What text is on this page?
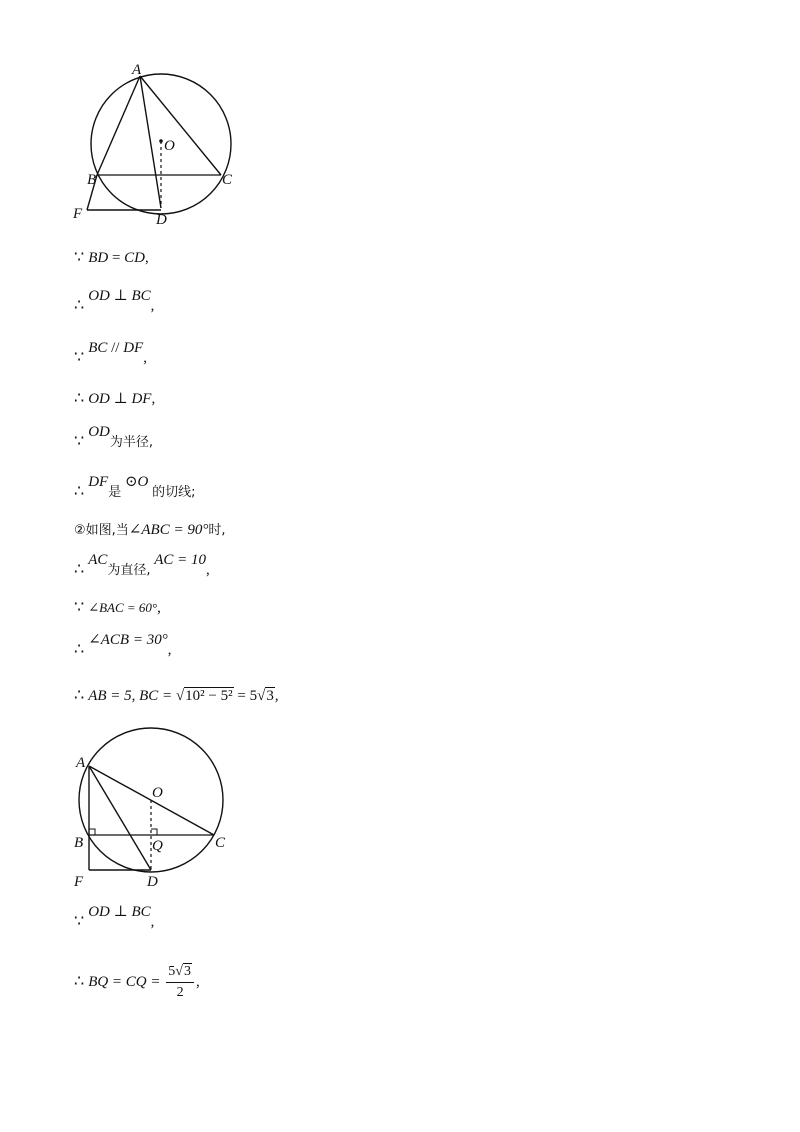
A
O
B	C
F	D
∵ BD = CD,
∴OD ⊥ BC,
∵BC // DF,
∴ OD ⊥ DF,
∵OD为半径,
∴DF是 ⊙O 的切线;
②如图,当∠ABC = 90°时,
∴AC为直径, AC = 10,
∵ ∠BAC = 60°,
∴∠ACB = 30°,
∴ AB = 5, BC = √10² − 5² = 5√3,
A
O
B	C
Q
F	D
∵OD ⊥ BC,
∴ BQ = CQ = $\frac{5√3}{2}$ ,
